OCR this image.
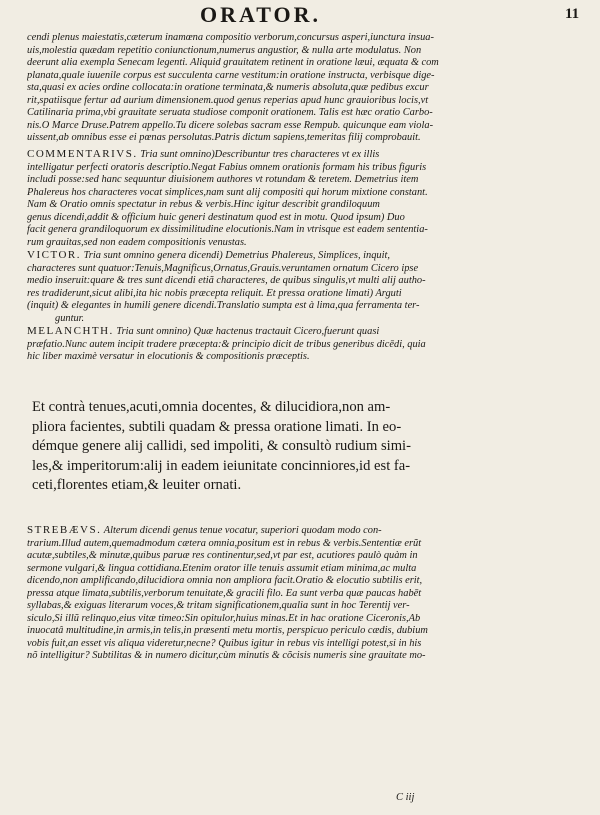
ORATOR.	11
cendi plenus maiestatis,cæterum inamœna compositio verborum,concursus asperi,iunctura insua-
uis,molestia quædam repetitio coniunctionum,numerus angustior, & nulla arte modulatus. Non
deerunt alia exempla Senecam legenti. Aliquid grauitatem retinent in oratione læui, æquata & com
planata,quale iuuenile corpus est succulenta carne vestitum:in oratione instructa, verbisque dige-
sta,quasi ex acies ordine collocata:in oratione terminata,& numeris absoluta,quæ pedibus excur
rit,spatiisque fertur ad aurium dimensionem.quod genus reperias apud hunc grauioribus locis,vt
Catilinaria prima,vbi grauitate seruata studiose componit orationem. Talis est hæc oratio Carbo-
nis.O Marce Druse.Patrem appello.Tu dicere solebas sacram esse Rempub. quicunque eam viola-
uissent,ab omnibus esse ei pœnas persolutas.Patris dictum sapiens,temeritas filij comprobauit.
COMMENTARIVS. Tria sunt omnino)Describuntur tres characteres vt ex illis
intelligatur perfecti oratoris descriptio.Negat Fabius omnem orationis formam his tribus figuris
includi posse:sed hanc sequuntur diuisionem authores vt rotundam & teretem. Demetrius item
Phalereus hos characteres vocat simplices,nam sunt alij compositi qui horum mixtione constant.
Nam & Oratio omnis spectatur in rebus & verbis.Hinc igitur describit grandiloquum
genus dicendi,addit & officium huic generi destinatum quod est in motu. Quod ipsum) Duo
facit genera grandiloquorum ex dissimilitudine elocutionis.Nam in vtrisque est eadem sententia-
rum grauitas,sed non eadem compositionis venustas.
VICTOR. Tria sunt omnino genera dicendi) Demetrius Phalereus, Simplices, inquit,
characteres sunt quatuor:Tenuis,Magnificus,Ornatus,Grauis.veruntamen ornatum Cicero ipse
medio inseruit:quare & tres sunt dicendi etiã characteres, de quibus singulis,vt multi alij autho-
res tradiderunt,sicut alibi,ita hic nobis præcepta reliquit. Et pressa oratione limati) Arguti
(inquit) & elegantes in humili genere dicendi.Translatio sumpta est à lima,qua ferramenta ter-
guntur.
MELANCHTH. Tria sunt omnino) Quæ hactenus tractauit Cicero,fuerunt quasi
præfatio.Nunc autem incipit tradere præcepta:& principio dicit de tribus generibus dicēdi, quia
hic liber maximè versatur in elocutionis & compositionis præceptis.
Et contrà tenues,acuti,omnia docentes, & dilucidiora,non am-
pliora facientes, subtili quadam & pressa oratione limati. In eo-
démque genere alij callidi, sed impoliti, & consultò rudium simi-
les,& imperitorum:alij in eadem ieiunitate concinniores,id est fa-
ceti,florentes etiam,& leuiter ornati.
STREBÆVS. Alterum dicendi genus tenue vocatur, superiori quodam modo con-
trarium.Illud autem,quemadmodum cætera omnia,positum est in rebus & verbis.Sententiæ erũt
acutæ,subtiles,& minutæ,quibus paruæ res continentur,sed,vt par est, acutiores paulò quàm in
sermone vulgari,& lingua cottidiana.Etenim orator ille tenuis assumit etiam minima,ac multa
dicendo,non amplificando,dilucidiora omnia non ampliora facit.Oratio & elocutio subtilis erit,
pressa atque limata,subtilis,verborum tenuitate,& gracili filo. Ea sunt verba quæ paucas habēt
syllabas,& exiguas literarum voces,& tritam significationem,qualia sunt in hoc Terentij ver-
siculo,Si illũ relinquo,eius vitæ timeo:Sin opitulor,huius minas.Et in hac oratione Ciceronis,Ab
inuocatâ multitudine,in armis,in telis,in præsenti metu mortis, perspicuo periculo cædis, dubium
vobis fuit,an esset vis aliqua videretur,necne? Quibus igitur in rebus vis intelligi potest,si in his
nõ intelligitur? Subtilitas & in numero dicitur,cùm minutis & cõcisis numeris sine grauitate mo-
C iij
